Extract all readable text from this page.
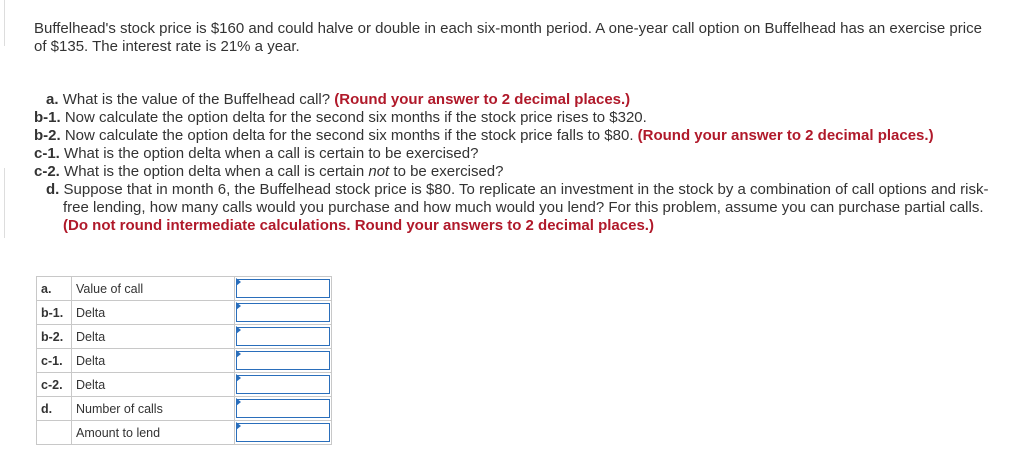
Buffelhead's stock price is $160 and could halve or double in each six-month period. A one-year call option on Buffelhead has an exercise price of $135. The interest rate is 21% a year.
a. What is the value of the Buffelhead call? (Round your answer to 2 decimal places.)
b-1. Now calculate the option delta for the second six months if the stock price rises to $320.
b-2. Now calculate the option delta for the second six months if the stock price falls to $80. (Round your answer to 2 decimal places.)
c-1. What is the option delta when a call is certain to be exercised?
c-2. What is the option delta when a call is certain not to be exercised?
d. Suppose that in month 6, the Buffelhead stock price is $80. To replicate an investment in the stock by a combination of call options and risk-free lending, how many calls would you purchase and how much would you lend? For this problem, assume you can purchase partial calls. (Do not round intermediate calculations. Round your answers to 2 decimal places.)
a.	Value of call	

b-1.	Delta	

b-2.	Delta	

c-1.	Delta	

c-2.	Delta	

d.	Number of calls	

	Amount to lend	
